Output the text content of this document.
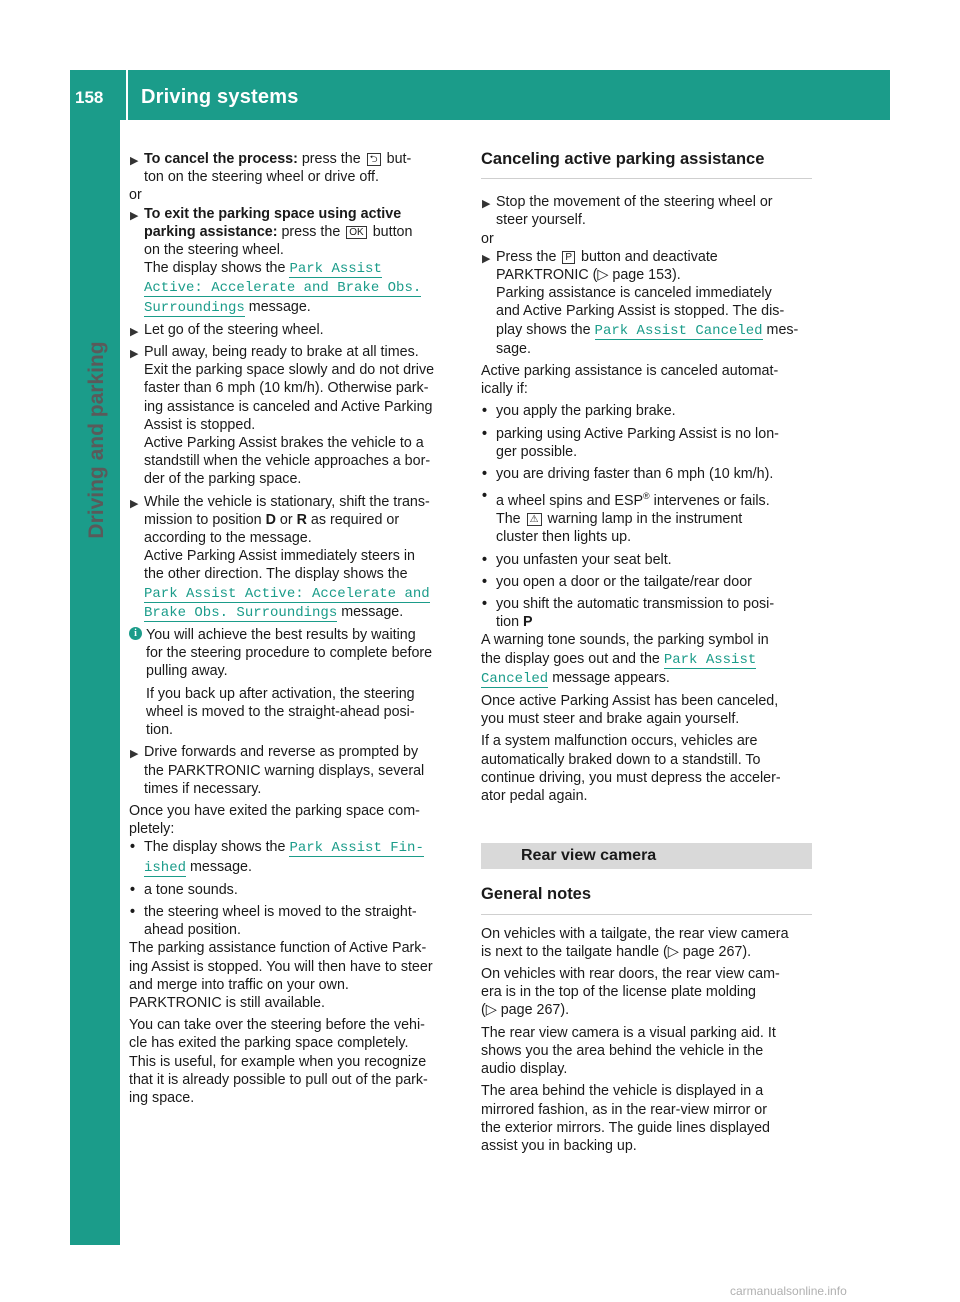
158 Driving systems
Driving and parking
▶ To cancel the process: press the ⮌ but-

ton on the steering wheel or drive off.

or

▶ To exit the parking space using active

parking assistance: press the OK button

on the steering wheel.

The display shows the Park Assist

Active: Accelerate and Brake Obs.

Surroundings message.

▶ Let go of the steering wheel.

▶ Pull away, being ready to brake at all times.

Exit the parking space slowly and do not drive

faster than 6 mph (10 km/h). Otherwise park-

ing assistance is canceled and Active Parking

Assist is stopped.

Active Parking Assist brakes the vehicle to a

standstill when the vehicle approaches a bor-

der of the parking space.

▶ While the vehicle is stationary, shift the trans-

mission to position D or R as required or

according to the message.

Active Parking Assist immediately steers in

the other direction. The display shows the

Park Assist Active: Accelerate and

Brake Obs. Surroundings message.

i You will achieve the best results by waiting

for the steering procedure to complete before

pulling away.

If you back up after activation, the steering

wheel is moved to the straight-ahead posi-

tion.

▶ Drive forwards and reverse as prompted by

the PARKTRONIC warning displays, several

times if necessary.

Once you have exited the parking space com-

pletely:

• The display shows the Park Assist Fin‐

ished message.

• a tone sounds.

• the steering wheel is moved to the straight-

ahead position.

The parking assistance function of Active Park-

ing Assist is stopped. You will then have to steer

and merge into traffic on your own.

PARKTRONIC is still available.

You can take over the steering before the vehi-

cle has exited the parking space completely.

This is useful, for example when you recognize

that it is already possible to pull out of the park-

ing space.

Canceling active parking assistance
▶ Stop the movement of the steering wheel or

steer yourself.

or

▶ Press the P button and deactivate

PARKTRONIC (▷ page 153).

Parking assistance is canceled immediately

and Active Parking Assist is stopped. The dis-

play shows the Park Assist Canceled mes-

sage.

Active parking assistance is canceled automat-

ically if:

• you apply the parking brake.

• parking using Active Parking Assist is no lon-

ger possible.

• you are driving faster than 6 mph (10 km/h).

• a wheel spins and ESP® intervenes or fails.

The ⚠ warning lamp in the instrument

cluster then lights up.

• you unfasten your seat belt.

• you open a door or the tailgate/rear door

• you shift the automatic transmission to posi-

tion P

A warning tone sounds, the parking symbol in

the display goes out and the Park Assist

Canceled message appears.

Once active Parking Assist has been canceled,

you must steer and brake again yourself.

If a system malfunction occurs, vehicles are

automatically braked down to a standstill. To

continue driving, you must depress the acceler-

ator pedal again.

Rear view camera
General notes

On vehicles with a tailgate, the rear view camera

is next to the tailgate handle (▷ page 267).

On vehicles with rear doors, the rear view cam-

era is in the top of the license plate molding

(▷ page 267).

The rear view camera is a visual parking aid. It

shows you the area behind the vehicle in the

audio display.

The area behind the vehicle is displayed in a

mirrored fashion, as in the rear-view mirror or

the exterior mirrors. The guide lines displayed

assist you in backing up.

carmanualsonline.info
